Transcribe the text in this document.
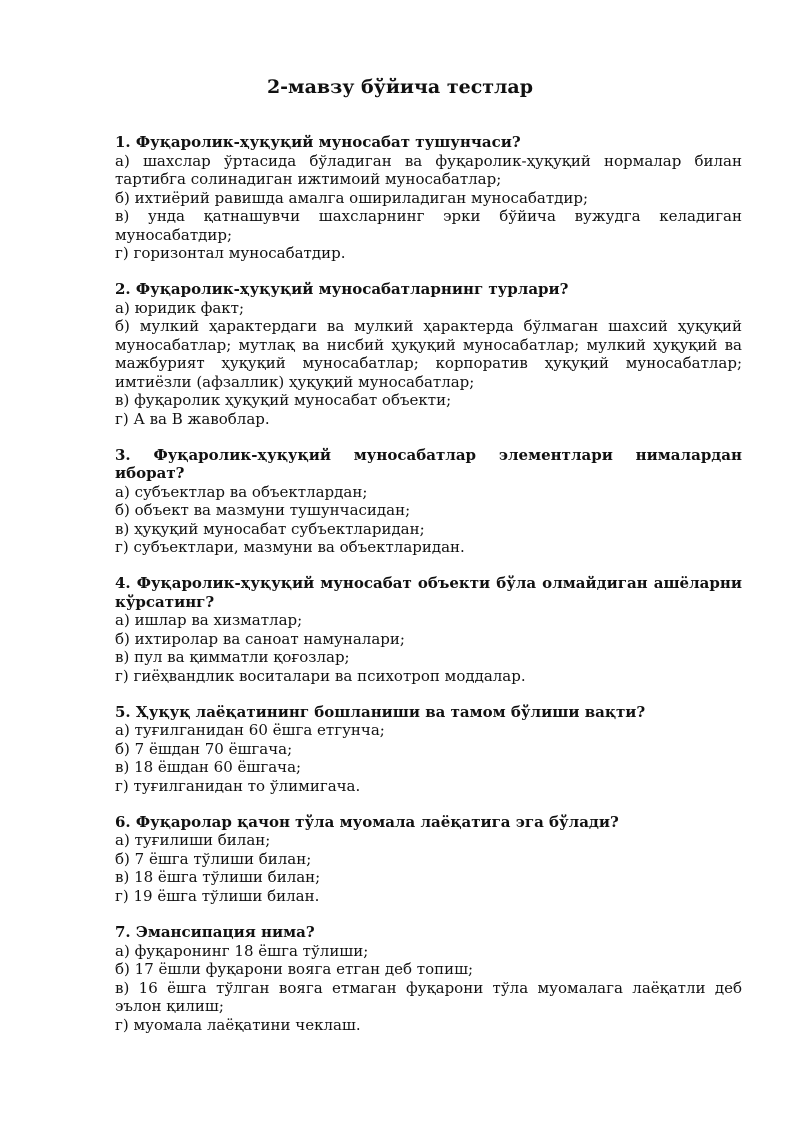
2-мавзу бўйича тестлар

1. Фуқаролик-ҳуқуқий муносабат тушунчаси?

а) шахслар ўртасида бўладиган ва фуқаролик-ҳуқуқий нормалар билан тартибга солинадиган ижтимоий муносабатлар;
б) ихтиёрий равишда амалга ошириладиган муносабатдир;
в) унда қатнашувчи шахсларнинг эрки бўйича вужудга келадиган муносабатдир;
г) горизонтал муносабатдир.

2. Фуқаролик-ҳуқуқий муносабатларнинг турлари?

а) юридик факт;
б) мулкий ҳарактердаги ва мулкий ҳарактерда бўлмаган шахсий ҳуқуқий муносабатлар; мутлақ ва нисбий ҳуқуқий муносабатлар; мулкий ҳуқуқий ва мажбурият ҳуқуқий муносабатлар; корпоратив ҳуқуқий муносабатлар; имтиёзли (афзаллик) ҳуқуқий муносабатлар;
в) фуқаролик ҳуқуқий муносабат объекти;
г) А ва В жавоблар.

3. Фуқаролик-ҳуқуқий муносабатлар элементлари нималардан иборат?

а) субъектлар ва объектлардан;
б) объект ва мазмуни тушунчасидан;
в) ҳуқуқий муносабат субъектларидан;
г) субъектлари, мазмуни ва объектларидан.

4. Фуқаролик-ҳуқуқий муносабат объекти бўла олмайдиган ашёларни кўрсатинг?

а) ишлар ва хизматлар;
б) ихтиролар ва саноат намуналари;
в) пул ва қимматли қоғозлар;
г) гиёҳвандлик воситалари ва психотроп моддалар.

5. Ҳуқуқ лаёқатининг бошланиши ва тамом бўлиши вақти?

а) туғилганидан 60 ёшга етгунча;
б) 7 ёшдан 70 ёшгача;
в) 18 ёшдан 60 ёшгача;
г) туғилганидан то ўлимигача.

6. Фуқаролар қачон тўла муомала лаёқатига эга бўлади?

а) туғилиши билан;
б) 7 ёшга тўлиши билан;
в) 18 ёшга тўлиши билан;
г) 19 ёшга тўлиши билан.

7. Эмансипация нима?

а) фуқаронинг 18 ёшга тўлиши;
б) 17 ёшли фуқарони вояга етган деб топиш;
в) 16 ёшга тўлган вояга етмаган фуқарони тўла муомалага лаёқатли деб эълон қилиш;
г) муомала лаёқатини чеклаш.
